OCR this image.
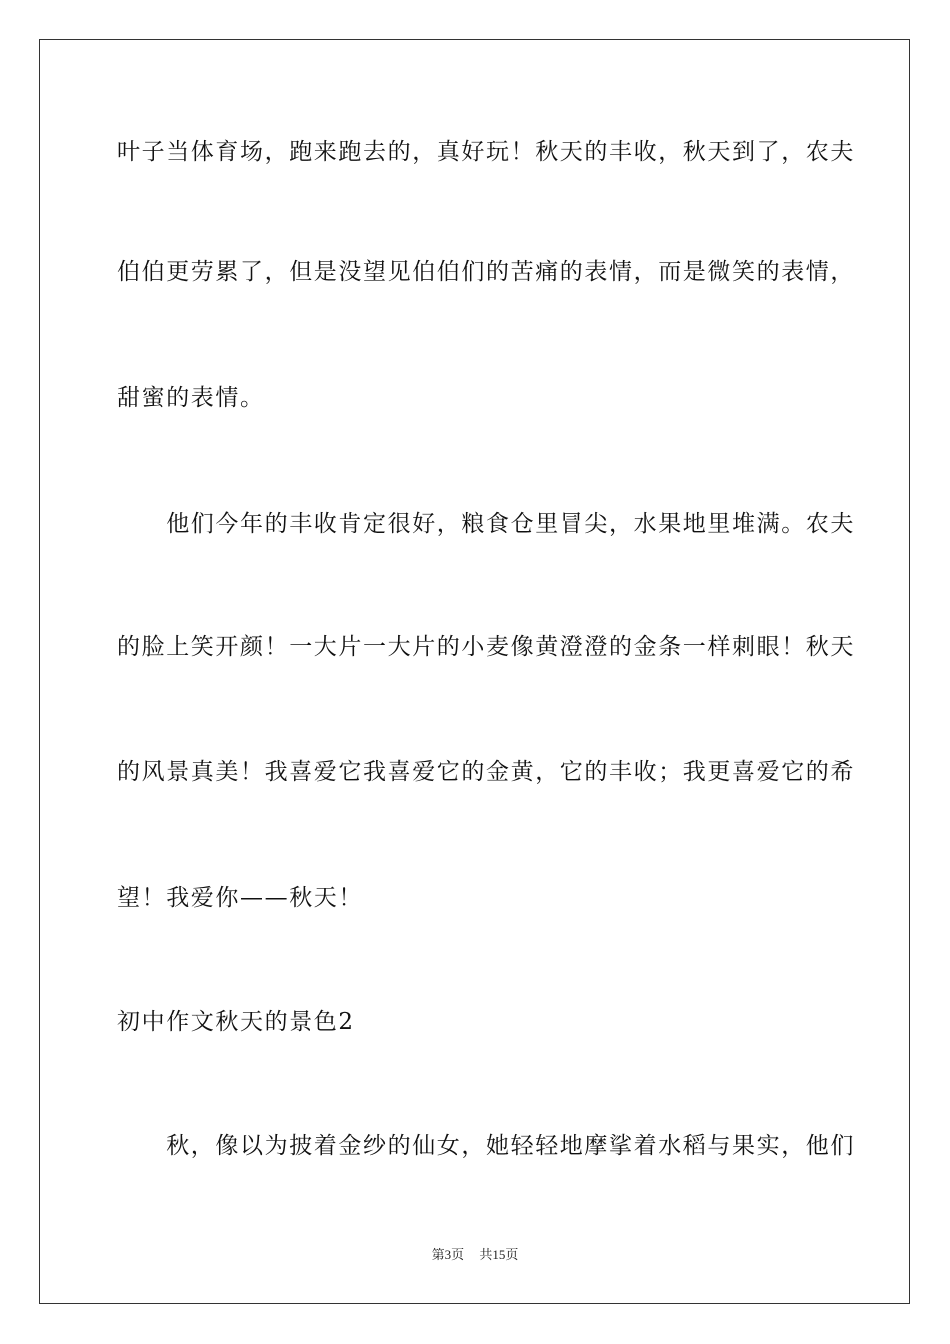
叶子当体育场，跑来跑去的，真好玩！秋天的丰收，秋天到了，农夫
伯伯更劳累了，但是没望见伯伯们的苦痛的表情，而是微笑的表情，
甜蜜的表情。
　　他们今年的丰收肯定很好，粮食仓里冒尖，水果地里堆满。农夫
的脸上笑开颜！一大片一大片的小麦像黄澄澄的金条一样刺眼！秋天
的风景真美！我喜爱它我喜爱它的金黄，它的丰收；我更喜爱它的希
望！我爱你——秋天！
初中作文秋天的景色2
　　秋，像以为披着金纱的仙女，她轻轻地摩挲着水稻与果实，他们
第3页 共15页
